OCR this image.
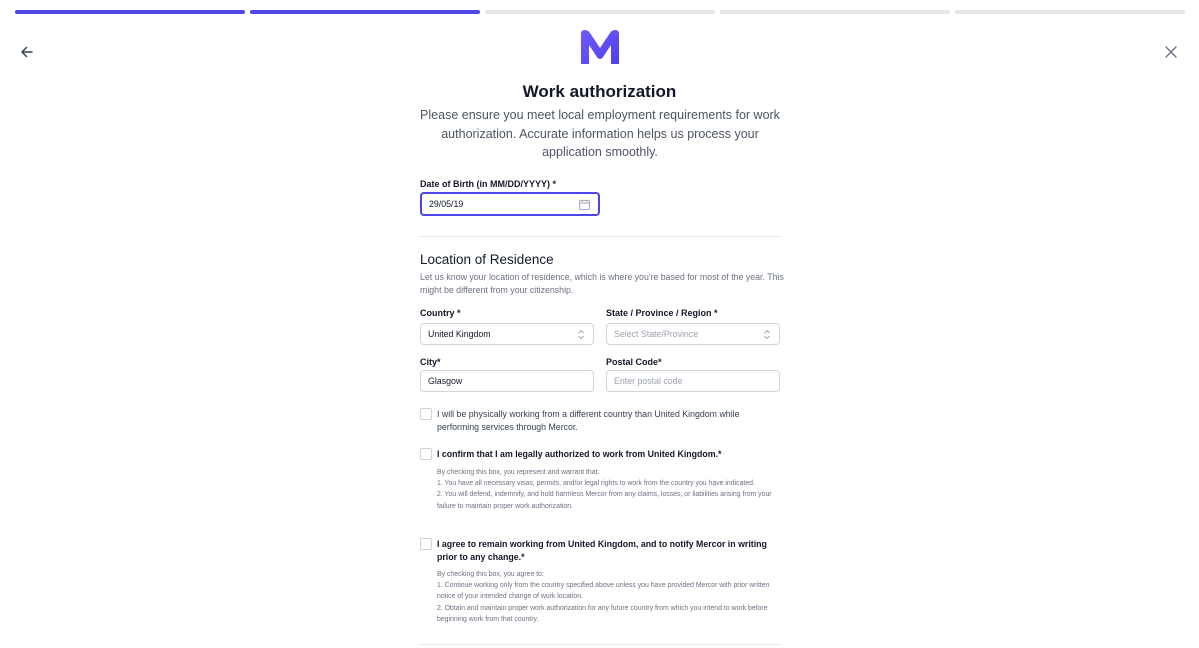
Work authorization
Please ensure you meet local employment requirements for work authorization. Accurate information helps us process your application smoothly.
Date of Birth (in MM/DD/YYYY) *
29/05/19
Location of Residence
Let us know your location of residence, which is where you're based for most of the year. This might be different from your citizenship.
Country *
United Kingdom
State / Province / Region *
Select State/Province
City*
Glasgow
Postal Code*
Enter postal code
I will be physically working from a different country than United Kingdom while performing services through Mercor.
I confirm that I am legally authorized to work from United Kingdom.*
By checking this box, you represent and warrant that:
1. You have all necessary visas, permits, and/or legal rights to work from the country you have indicated.
2. You will defend, indemnify, and hold harmless Mercor from any claims, losses, or liabilities arising from your failure to maintain proper work authorization.
I agree to remain working from United Kingdom, and to notify Mercor in writing prior to any change.*
By checking this box, you agree to:
1. Continue working only from the country specified above unless you have provided Mercor with prior written notice of your intended change of work location.
2. Obtain and maintain proper work authorization for any future country from which you intend to work before beginning work from that country.
